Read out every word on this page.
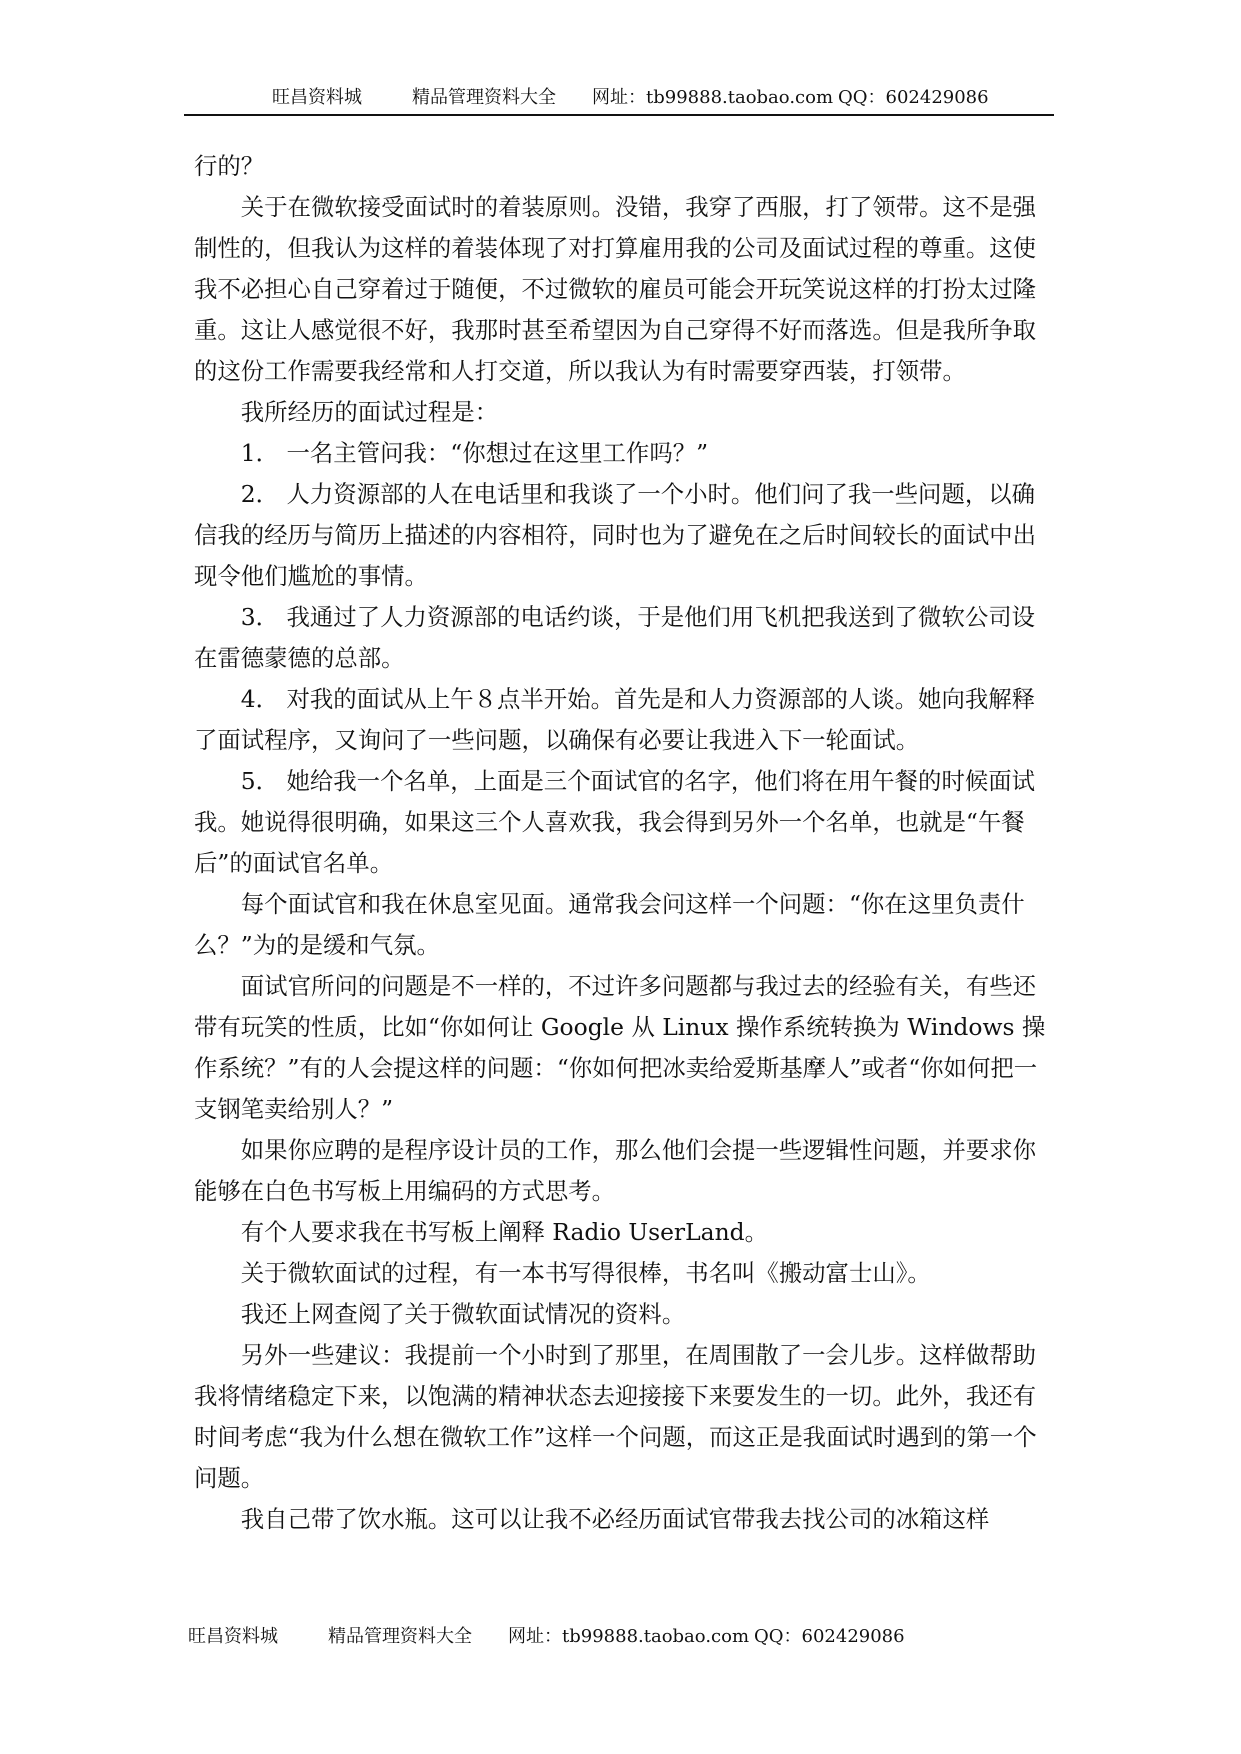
旺昌资料城	精品管理资料大全 网址：tb99888.taobao.com QQ：602429086

行的？

关于在微软接受面试时的着装原则。没错，我穿了西服，打了领带。这不是强制性的，但我认为这样的着装体现了对打算雇用我的公司及面试过程的尊重。这使我不必担心自己穿着过于随便，不过微软的雇员可能会开玩笑说这样的打扮太过隆重。这让人感觉很不好，我那时甚至希望因为自己穿得不好而落选。但是我所争取的这份工作需要我经常和人打交道，所以我认为有时需要穿西装，打领带。

我所经历的面试过程是：

1． 一名主管问我：“你想过在这里工作吗？”

2． 人力资源部的人在电话里和我谈了一个小时。他们问了我一些问题，以确信我的经历与简历上描述的内容相符，同时也为了避免在之后时间较长的面试中出现令他们尴尬的事情。

3． 我通过了人力资源部的电话约谈，于是他们用飞机把我送到了微软公司设在雷德蒙德的总部。

4． 对我的面试从上午８点半开始。首先是和人力资源部的人谈。她向我解释了面试程序，又询问了一些问题，以确保有必要让我进入下一轮面试。

5． 她给我一个名单，上面是三个面试官的名字，他们将在用午餐的时候面试我。她说得很明确，如果这三个人喜欢我，我会得到另外一个名单，也就是“午餐后”的面试官名单。

每个面试官和我在休息室见面。通常我会问这样一个问题：“你在这里负责什么？”为的是缓和气氛。

面试官所问的问题是不一样的，不过许多问题都与我过去的经验有关，有些还带有玩笑的性质，比如“你如何让 Google 从 Linux 操作系统转换为 Windows 操作系统？”有的人会提这样的问题：“你如何把冰卖给爱斯基摩人”或者“你如何把一支钢笔卖给别人？”

如果你应聘的是程序设计员的工作，那么他们会提一些逻辑性问题，并要求你能够在白色书写板上用编码的方式思考。

有个人要求我在书写板上阐释 Radio UserLand。

关于微软面试的过程，有一本书写得很棒，书名叫《搬动富士山》。

我还上网查阅了关于微软面试情况的资料。

另外一些建议：我提前一个小时到了那里，在周围散了一会儿步。这样做帮助我将情绪稳定下来，以饱满的精神状态去迎接接下来要发生的一切。此外，我还有时间考虑“我为什么想在微软工作”这样一个问题，而这正是我面试时遇到的第一个问题。

我自己带了饮水瓶。这可以让我不必经历面试官带我去找公司的冰箱这样

旺昌资料城	精品管理资料大全 网址：tb99888.taobao.com QQ：602429086
